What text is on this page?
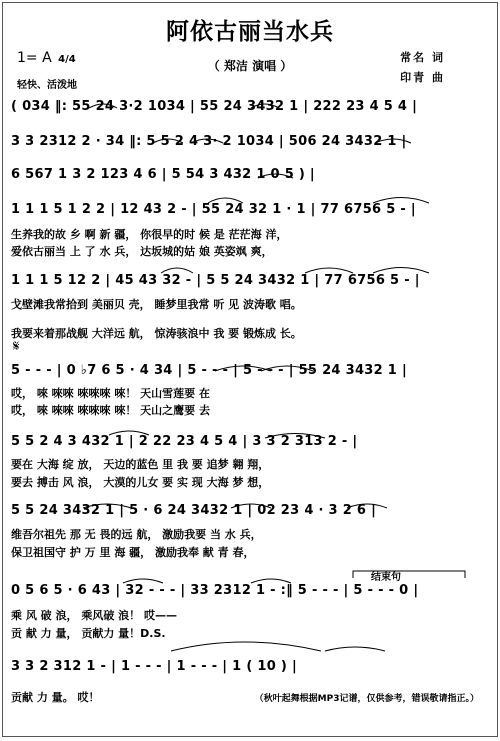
阿依古丽当水兵
（ 郑洁 演唱 ）
1= A 4/4
轻快、活泼地
常名 词
印青 曲
( 034 ‖: 55 24 3·2 1034 | 55 24 3432 1 | 222 23 4 5 4 |
3 3 2312 2 · 34 ‖: 5 5 2 4 3· 2 1034 | 506 24 3432 1 |
6 567 1 3 2 123 4 6 | 5 54 3 432 1 0 5 ) |
1 1 1 5 1 2 2 | 12 43 2 - | 55 24 32 1 · 1 | 77 6756 5 - |
生养我的故 乡 啊 新 疆， 你很早的时 候 是 茫茫海 洋，
爱依古丽当 上 了 水 兵， 达坂城的姑 娘 英姿飒 爽，
1 1 1 5 12 2 | 45 43 32 - | 5 5 24 3432 1 | 77 6756 5 - |
戈壁滩我常拾到 美丽贝 壳， 睡梦里我常 听 见 波涛歌 唱。
我要来着那战舰 大洋远 航， 惊涛骇浪中 我 要 锻炼成 长。
𝄋
5 - - - | 0 ♭7 6 5 · 4 34 | 5 - - - | 5 - - - | 55 24 3432 1 |
哎， 唻 唻唻 唻唻唻 唻！ 天山雪莲要 在
哎， 唻 唻唻 唻唻唻 唻！ 天山之鹰要 去
5 5 2 4 3 432 1 | 2 22 23 4 5 4 | 3 3 2 313 2 - |
要在 大海 绽 放， 天边的蓝色 里 我 要 追梦 翱 翔，
要去 搏击 风 浪， 大漠的儿女 要 实 现 大海 梦 想，
5 5 24 3432 1 | 5 · 6 24 3432 1 | 02 23 4 · 3 2 6 |
维吾尔祖先 那 无 畏的远 航， 激励我要 当 水 兵，
保卫祖国守 护 万 里 海 疆， 激励我奉 献 青 春，
结束句
0 5 6 5 · 6 43 | 32 - - - | 33 2312 1 - :‖ 5 - - - | 5 - - - 0 |
乘 风 破 浪， 乘风破 浪！ 哎——
贡 献 力 量， 贡献力 量！D.S.
3 3 2 312 1 - | 1 - - - | 1 - - - | 1 ( 10 ) |
贡献 力 量。 哎！	（秋叶起舞根据MP3记谱，仅供参考，错误敬请指正。）
